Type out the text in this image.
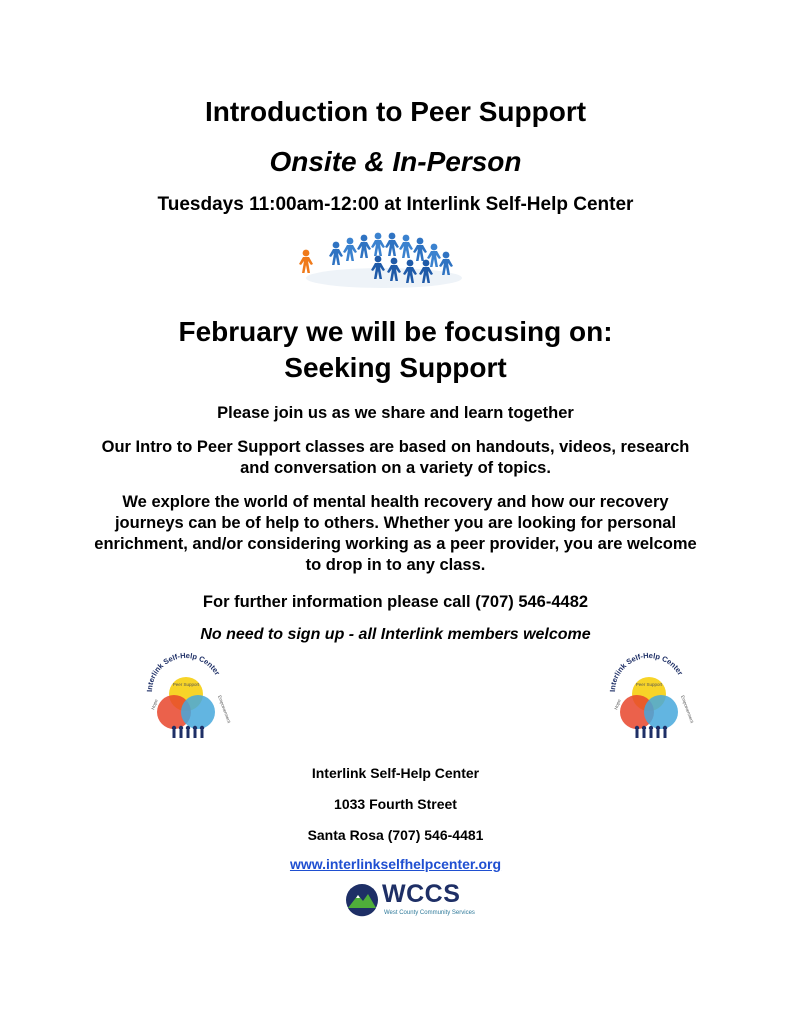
Introduction to Peer Support
Onsite & In-Person
Tuesdays 11:00am-12:00 at Interlink Self-Help Center
February we will be focusing on:
Seeking Support
Please join us as we share and learn together
Our Intro to Peer Support classes are based on handouts, videos, research and conversation on a variety of topics.
We explore the world of mental health recovery and how our recovery journeys can be of help to others. Whether you are looking for personal enrichment, and/or considering working as a peer provider, you are welcome to drop in to any class.
For further information please call (707) 546-4482
No need to sign up - all Interlink members welcome
Interlink Self-Help Center
Peer Support
Hope	Empowerment
Interlink Self-Help Center
Peer Support
Hope	Empowerment
Interlink Self-Help Center
1033 Fourth Street
Santa Rosa (707) 546-4481
www.interlinkselfhelpcenter.org
WCCS
West County Community Services
